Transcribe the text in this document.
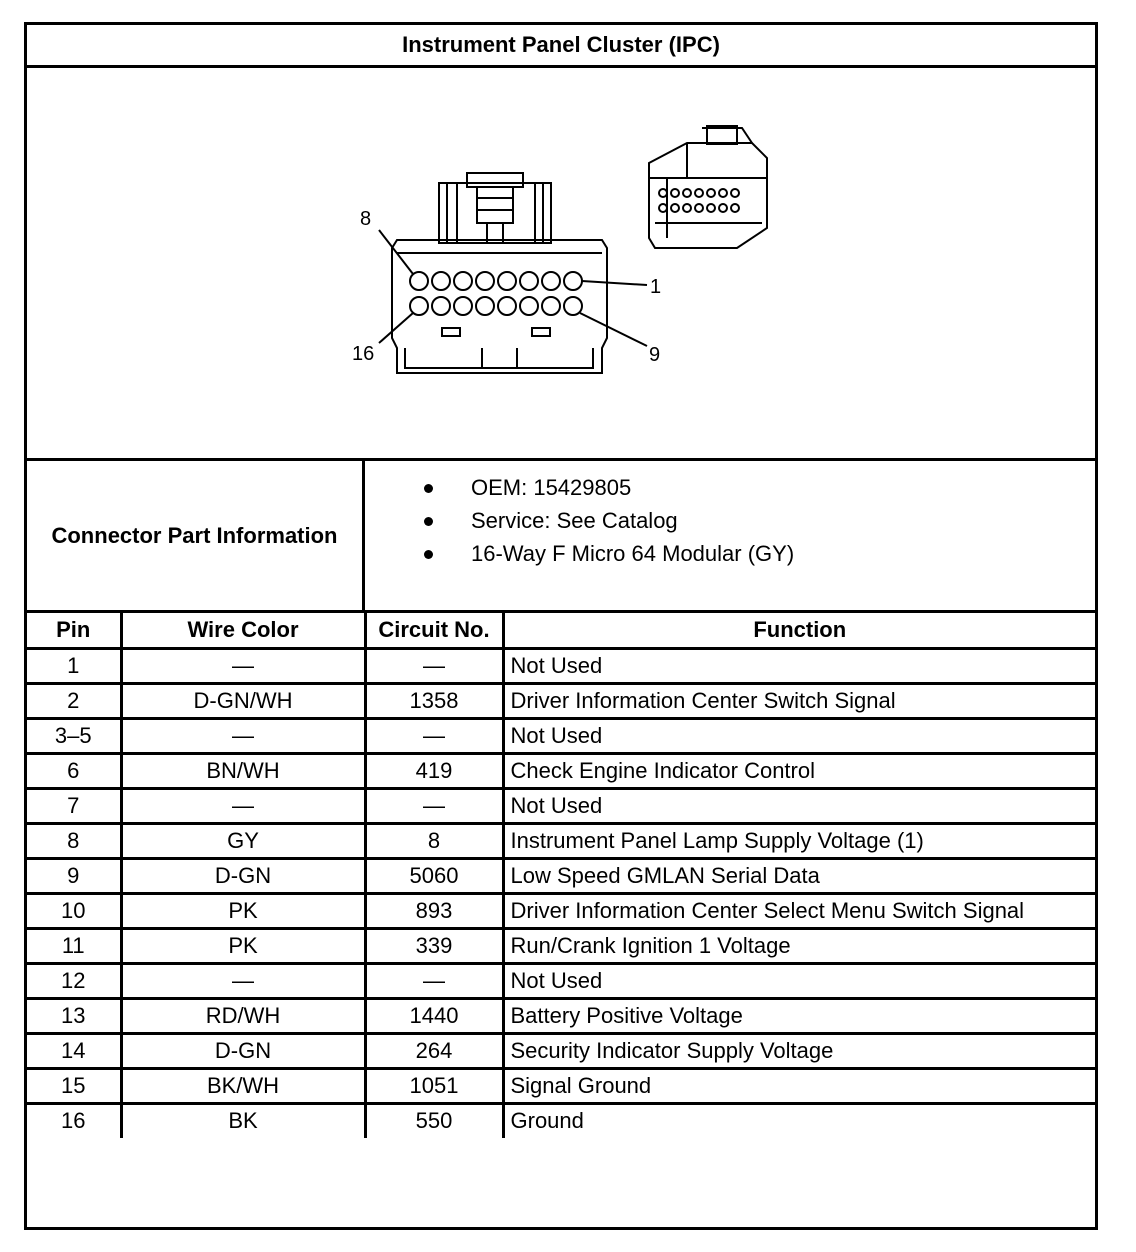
Instrument Panel Cluster (IPC)
8
1
16	9
Connector Part Information
OEM: 15429805
Service: See Catalog
16-Way F Micro 64 Modular (GY)
Pin	Wire Color	Circuit No.	Function
1	—	—	Not Used
2	D-GN/WH	1358	Driver Information Center Switch Signal
3–5	—	—	Not Used
6	BN/WH	419	Check Engine Indicator Control
7	—	—	Not Used
8	GY	8	Instrument Panel Lamp Supply Voltage (1)
9	D-GN	5060	Low Speed GMLAN Serial Data
10	PK	893	Driver Information Center Select Menu Switch Signal
11	PK	339	Run/Crank Ignition 1 Voltage
12	—	—	Not Used
13	RD/WH	1440	Battery Positive Voltage
14	D-GN	264	Security Indicator Supply Voltage
15	BK/WH	1051	Signal Ground
16	BK	550	Ground
